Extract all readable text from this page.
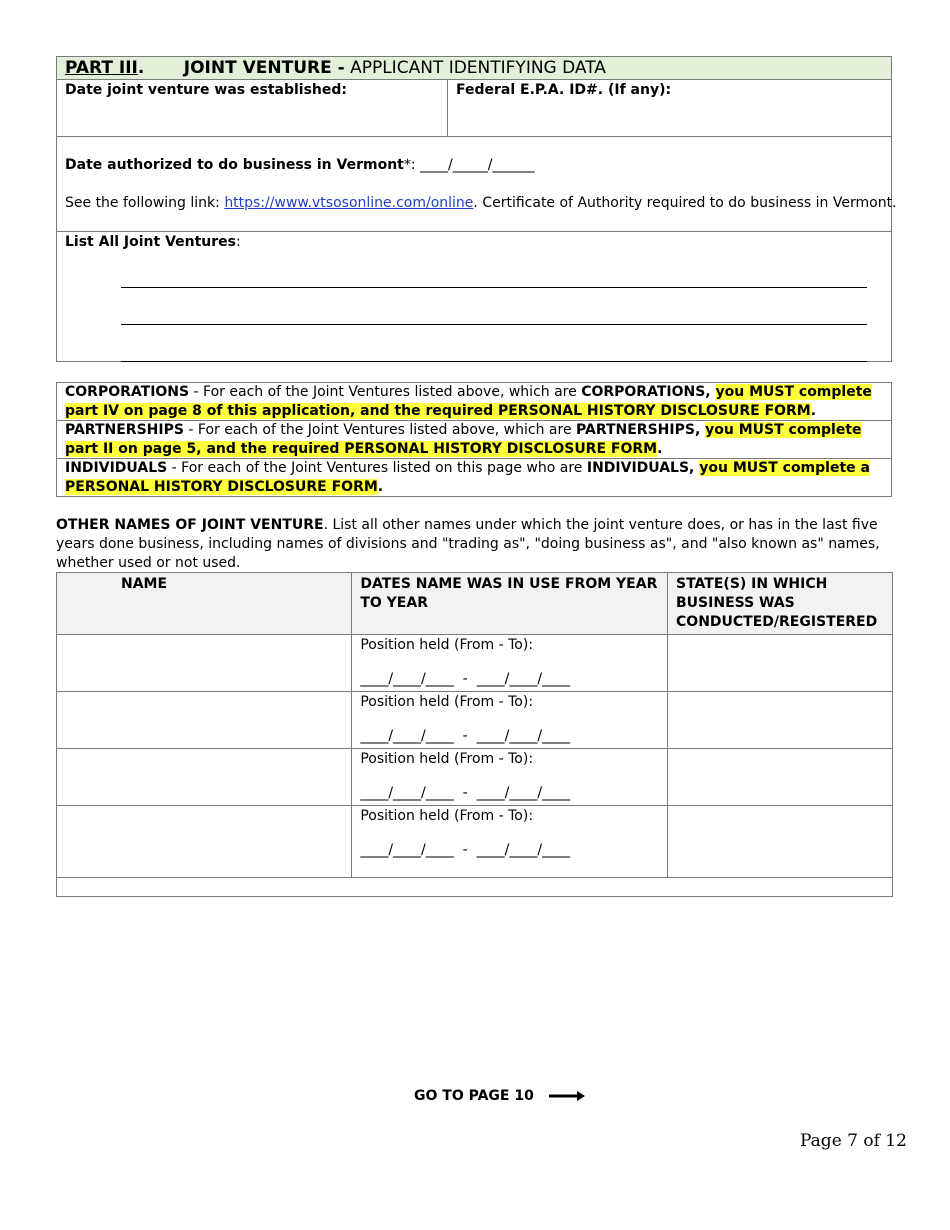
PART III. JOINT VENTURE - APPLICANT IDENTIFYING DATA
Date joint venture was established:	Federal E.P.A. ID#. (If any):
Date authorized to do business in Vermont*: ____/_____/______
See the following link: https://www.vtsosonline.com/online. Certificate of Authority required to do business in Vermont.
List All Joint Ventures:
CORPORATIONS - For each of the Joint Ventures listed above, which are CORPORATIONS, you MUST complete part IV on page 8 of this application, and the required PERSONAL HISTORY DISCLOSURE FORM.
PARTNERSHIPS - For each of the Joint Ventures listed above, which are PARTNERSHIPS, you MUST complete part II on page 5, and the required PERSONAL HISTORY DISCLOSURE FORM.
INDIVIDUALS - For each of the Joint Ventures listed on this page who are INDIVIDUALS, you MUST complete a PERSONAL HISTORY DISCLOSURE FORM.
OTHER NAMES OF JOINT VENTURE. List all other names under which the joint venture does, or has in the last five years done business, including names of divisions and "trading as", "doing business as", and "also known as" names, whether used or not used.
NAME	DATES NAME WAS IN USE FROM YEAR TO YEAR	STATE(S) IN WHICH BUSINESS WAS CONDUCTED/REGISTERED
	Position held (From - To):
____/____/____  -  ____/____/____	

	Position held (From - To):
____/____/____  -  ____/____/____	

	Position held (From - To):
____/____/____  -  ____/____/____	

	Position held (From - To):
____/____/____  -  ____/____/____	

GO TO PAGE 10
Page 7 of 12
